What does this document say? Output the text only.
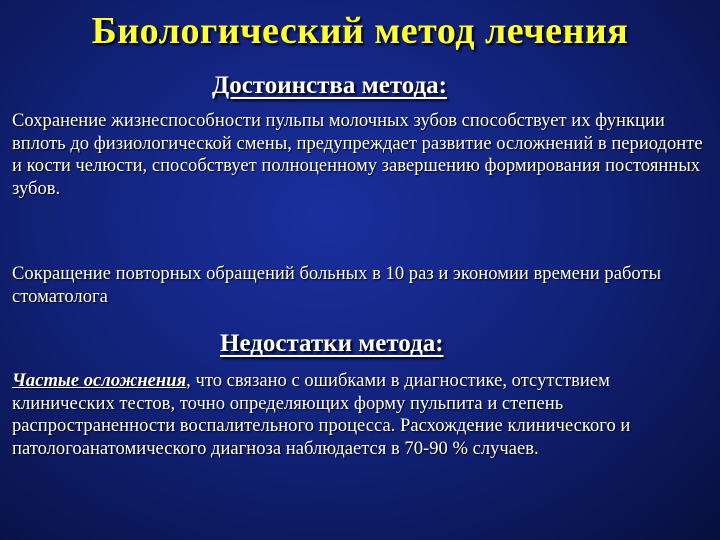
Биологический метод лечения
Достоинства метода:
Сохранение жизнеспособности пульпы молочных зубов способствует их функции вплоть до физиологической смены, предупреждает развитие осложнений в периодонте и кости челюсти, способствует полноценному завершению формирования постоянных зубов.
Сокращение повторных обращений больных в 10 раз и экономии времени работы стоматолога
Недостатки метода:
Частые осложнения, что связано с ошибками в диагностике, отсутствием клинических тестов, точно определяющих форму пульпита и степень распространенности воспалительного процесса. Расхождение клинического и патологоанатомического диагноза наблюдается в 70-90 % случаев.
